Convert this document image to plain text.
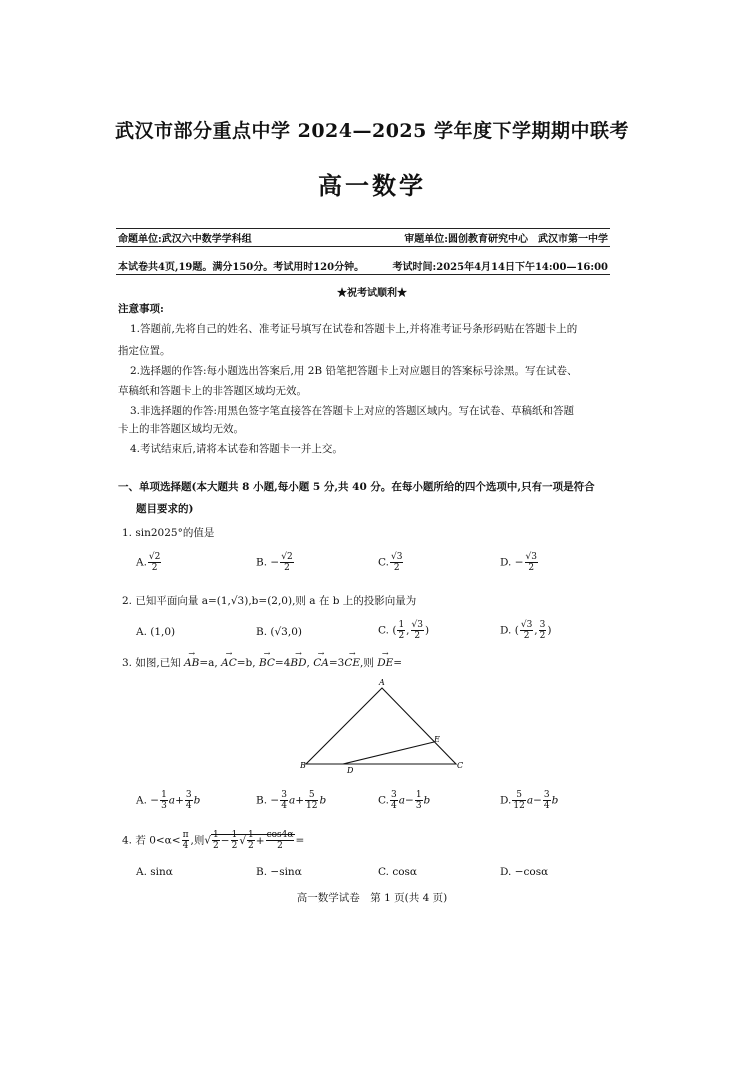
武汉市部分重点中学 2024—2025 学年度下学期期中联考
高一数学
命题单位:武汉六中数学学科组	审题单位:圆创教育研究中心　武汉市第一中学
本试卷共4页,19题。满分150分。考试用时120分钟。	考试时间:2025年4月14日下午14:00—16:00
★祝考试顺利★
注意事项:
1.答题前,先将自己的姓名、准考证号填写在试卷和答题卡上,并将准考证号条形码贴在答题卡上的
指定位置。
2.选择题的作答:每小题选出答案后,用 2B 铅笔把答题卡上对应题目的答案标号涂黑。写在试卷、
草稿纸和答题卡上的非答题区域均无效。
3.非选择题的作答:用黑色签字笔直接答在答题卡上对应的答题区域内。写在试卷、草稿纸和答题
卡上的非答题区域均无效。
4.考试结束后,请将本试卷和答题卡一并上交。
一、单项选择题(本大题共 8 小题,每小题 5 分,共 40 分。在每小题所给的四个选项中,只有一项是符合
题目要求的)
1. sin2025°的值是
A. $\frac{√2}{2}$	B. − $\frac{√2}{2}$	C. $\frac{√3}{2}$	D. − $\frac{√3}{2}$
2. 已知平面向量 a=(1,√3),b=(2,0),则 a 在 b 上的投影向量为
A. (1,0)	B. (√3,0)	C. ( $\frac{1}{2}$ , $\frac{√3}{2}$ )	D. ( $\frac{√3}{2}$ , $\frac{3}{2}$ )
3. 如图,已知 → AB=a, → AC=b, → BC=4→ BD, → CA=3→ CE,则 → DE=
A
B	C
D
E
A. − $\frac{1}{3} a+ \frac{3}{4}$ b	B. − $\frac{3}{4} a+ \frac{5}{12}$ b	C. $\frac{3}{4} a- \frac{1}{3}$ b	D. $\frac{5}{12} a- \frac{3}{4}$ b
4. 若 $0<\alpha< \frac{\pi}{4}$ ,则√ $\frac{1}{2} - \frac{1}{2}$ √ $\frac{1}{2} + \frac{\cos 4\alpha}{2}$ =
A. sinα	B. −sinα	C. cosα	D. −cosα
高一数学试卷　第 1 页(共 4 页)
